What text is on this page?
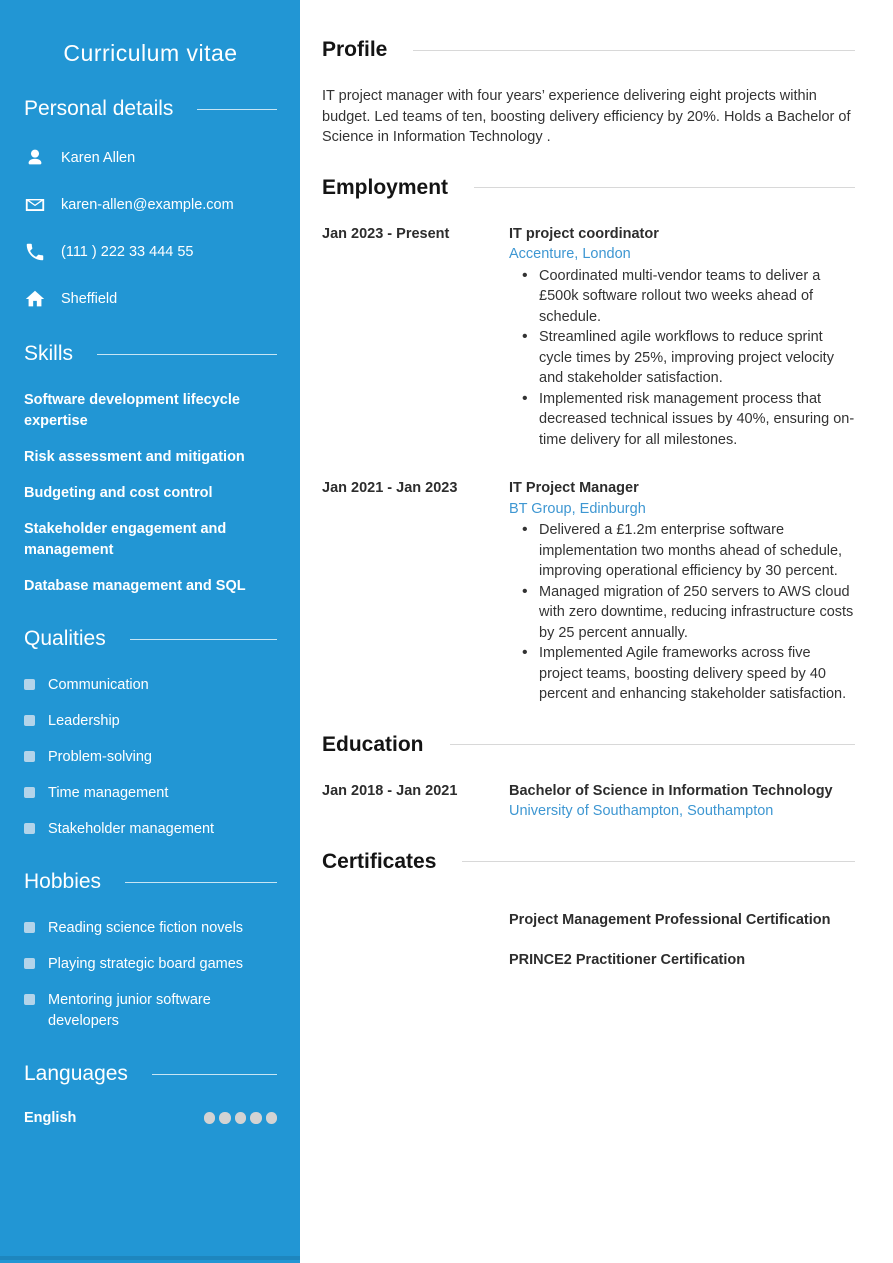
Curriculum vitae
Personal details
Karen Allen
karen-allen@example.com
(111 ) 222 33 444 55
Sheffield
Skills
Software development lifecycle expertise
Risk assessment and mitigation
Budgeting and cost control
Stakeholder engagement and management
Database management and SQL
Qualities
Communication
Leadership
Problem-solving
Time management
Stakeholder management
Hobbies
Reading science fiction novels
Playing strategic board games
Mentoring junior software developers
Languages
English
Profile

IT project manager with four years’ experience delivering eight projects within budget. Led teams of ten, boosting delivery efficiency by 20%. Holds a Bachelor of Science in Information Technology .

Employment
Jan 2023 - Present	IT project coordinator
Accenture, London
• Coordinated multi-vendor teams to deliver a £500k software rollout two weeks ahead of schedule.
• Streamlined agile workflows to reduce sprint cycle times by 25%, improving project velocity and stakeholder satisfaction.
• Implemented risk management process that decreased technical issues by 40%, ensuring on-time delivery for all milestones.
Jan 2021 - Jan 2023	IT Project Manager
BT Group, Edinburgh
• Delivered a £1.2m enterprise software implementation two months ahead of schedule, improving operational efficiency by 30 percent.
• Managed migration of 250 servers to AWS cloud with zero downtime, reducing infrastructure costs by 25 percent annually.
• Implemented Agile frameworks across five project teams, boosting delivery speed by 40 percent and enhancing stakeholder satisfaction.
Education
Jan 2018 - Jan 2021	Bachelor of Science in Information Technology
University of Southampton, Southampton
Certificates
Project Management Professional Certification
PRINCE2 Practitioner Certification
